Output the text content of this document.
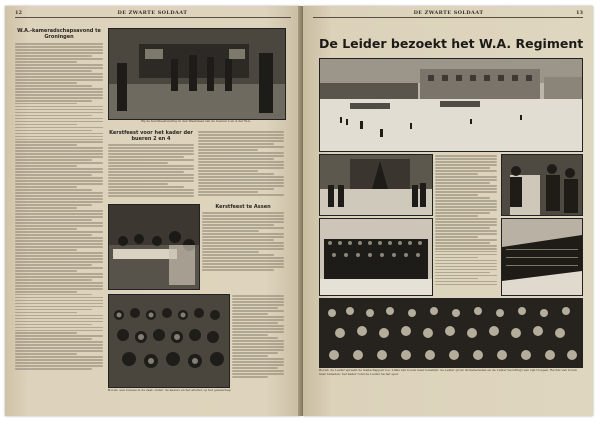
12	DE ZWARTE SOLDAAT
W.A.-kameradschapsavond te Groningen
Bij de Kerstfeestviering in den Waarstaat van de bueren 2 en 4 der W.A.
Kerstfeest voor het kader der bueren 2 en 4
Kerstfeest te Assen
Boven: een bureau in de zaal; onder: de kaders en het afschot op het gezelschap
DE ZWARTE SOLDAAT	13
De Leider bezoekt het W.A. Regiment
Boven: de Leider spreekt de manschappen toe. Links van boven naar beneden: de Leider groet de kameraden en de Leider bezichtigt een zijn troepen. Rechts van boven naar beneden: het kader rond de Leider na het spel.
